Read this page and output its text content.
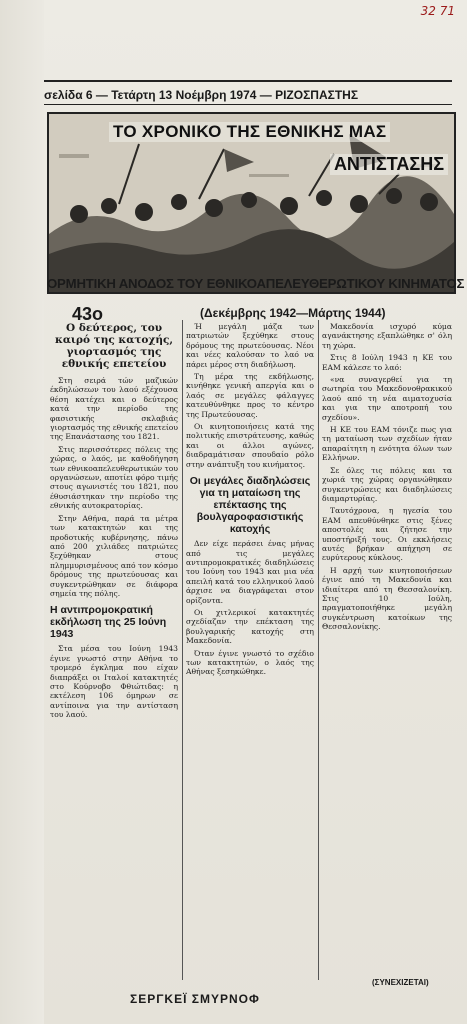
32 71
σελίδα 6 — Τετάρτη 13 Νοέμβρη 1974 — ΡΙΖΟΣΠΑΣΤΗΣ
ΤΟ ΧΡΟΝΙΚΟ ΤΗΣ ΕΘΝΙΚΗΣ ΜΑΣ
ΑΝΤΙΣΤΑΣΗΣ
ΟΡΜΗΤΙΚΗ ΑΝΟΔΟΣ ΤΟΥ ΕΘΝΙΚΟΑΠΕΛΕΥΘΕΡΩΤΙΚΟΥ ΚΙΝΗΜΑΤΟΣ
43ο	(Δεκέμβρης 1942—Μάρτης 1944)

Ο δεύτερος, του καιρό της κατοχής, γιορτασμός της εθνικής επετείου

Στη σειρά τών μαζικών έκδηλώσεων του λαού εξέχουσα θέση κατέχει και ο δεύτερος κατά την περίοδο της φασιστικής σκλαβιάς γιορτασμός της εθνικής επετείου της Επανάστασης του 1821.

Στις περισσότερες πόλεις της χώρας, ο λαός, με καθοδήγηση των εθνικοαπελευθερωτικών του οργανώσεων, αποτίει φόρο τιμής στους αγωνιστές του 1821, που έθυσιάστηκαν την περίοδο της εθνικής αυτοκρατορίας.

Στην Αθήνα, παρά τα μέτρα των κατακτητών και της προδοτικής κυβέρνησης, πάνω από 200 χιλιάδες πατριώτες ξεχύθηκαν στους πλημμυρισμένους από τον κόσμο δρόμους της πρωτεύουσας και συγκεντρώθηκαν σε διάφορα σημεία της πόλης.

Η αντιπρομοκρατική εκδήλωση της 25 Ιούνη 1943

Στα μέσα του Ιούνη 1943 έγινε γνωστό στην Αθήνα το τρομερό έγκλημα που είχαν διαπράξει οι Ιταλοί κατακτητές στο Κούρνοβο Φθιώτιδας: η εκτέλεση 106 όμηρων σε αντίποινα για την αντίσταση του λαού.

Ή μεγάλη μάζα των πατριωτών ξεχύθηκε στους δρόμους της πρωτεύουσας. Νέοι και νέες καλούσαν το λαό να πάρει μέρος στη διαδήλωση.

Τη μέρα της εκδήλωσης, κινήθηκε γενική απεργία και ο λαός σε μεγάλες φάλαγγες κατευθύνθηκε προς το κέντρο της Πρωτεύουσας.

Οι κινητοποιήσεις κατά της πολιτικής επιστράτευσης, καθώς και οι άλλοι αγώνες, διαδραμάτισαν σπουδαίο ρόλο στην ανάπτυξη του κινήματος.

Οι μεγάλες διαδηλώσεις για τη ματαίωση της επέκτασης της βουλγαροφασιστικής κατοχής

Δεν είχε περάσει ένας μήνας από τις μεγάλες αντιπρομοκρατικές διαδηλώσεις του Ιούνη του 1943 και μια νέα απειλή κατά του ελληνικού λαού άρχισε να διαγράφεται στον ορίζοντα.

Οι χιτλερικοί κατακτητές σχεδίαζαν την επέκταση της βουλγαρικής κατοχής στη Μακεδονία.

Όταν έγινε γνωστό το σχέδιο των κατακτητών, ο λαός της Αθήνας ξεσηκώθηκε.

Μακεδονία ισχυρό κύμα αγανάκτησης εξαπλώθηκε σ' όλη τη χώρα.

Στις 8 Ιούλη 1943 η ΚΕ του ΕΑΜ κάλεσε το λαό:

«να συναγερθεί για τη σωτηρία του Μακεδονοθρακικού λαού από τη νέα αιματοχυσία και για την αποτροπή του σχεδίου».

Η ΚΕ του ΕΑΜ τόνιζε πως για τη ματαίωση των σχεδίων ήταν απαραίτητη η ενότητα όλων των Ελλήνων.

Σε όλες τις πόλεις και τα χωριά της χώρας οργανώθηκαν συγκεντρώσεις και διαδηλώσεις διαμαρτυρίας.

Ταυτόχρονα, η ηγεσία του ΕΑΜ απευθύνθηκε στις ξένες αποστολές και ζήτησε την υποστήριξή τους. Οι εκκλήσεις αυτές βρήκαν απήχηση σε ευρύτερους κύκλους.

Η αρχή των κινητοποιήσεων έγινε από τη Μακεδονία και ιδιαίτερα από τη Θεσσαλονίκη. Στις 10 Ιούλη, πραγματοποιήθηκε μεγάλη συγκέντρωση κατοίκων της Θεσσαλονίκης.

(ΣΥΝΕΧΙΖΕΤΑΙ)
ΣΕΡΓΚΕΪ ΣΜΥΡΝΟΦ
